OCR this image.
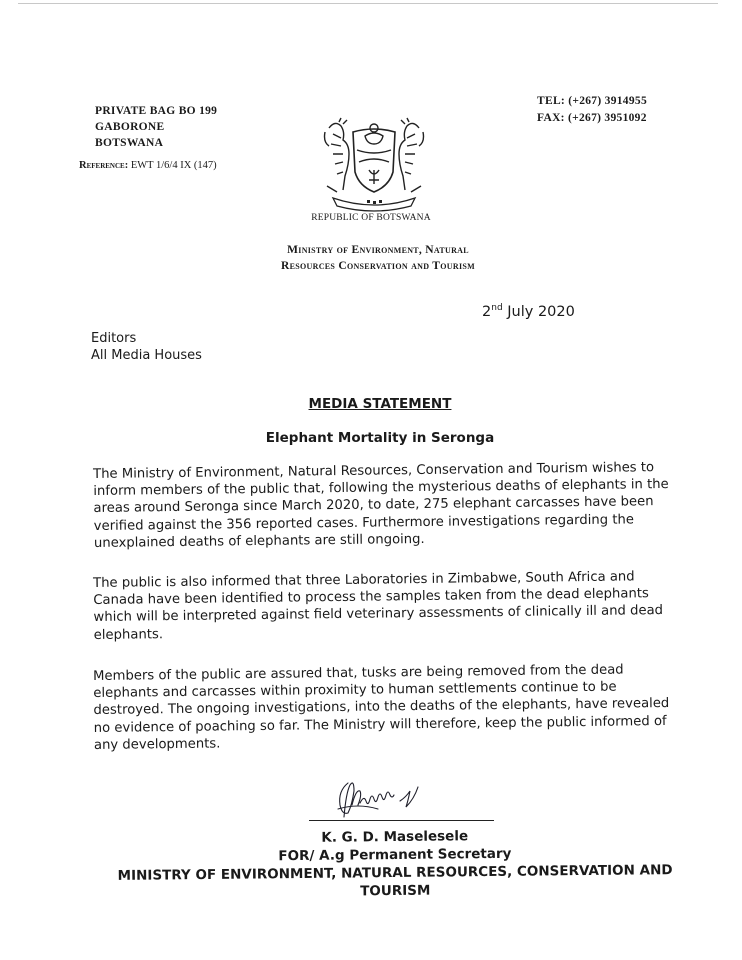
PRIVATE BAG BO 199
GABORONE
BOTSWANA
Reference: EWT 1/6/4 IX (147)
TEL: (+267) 3914955
FAX: (+267) 3951092
REPUBLIC OF BOTSWANA
Ministry of Environment, Natural
Resources Conservation and Tourism
2nd July 2020
Editors
All Media Houses
MEDIA STATEMENT
Elephant Mortality in Seronga
The Ministry of Environment, Natural Resources, Conservation and Tourism wishes to inform members of the public that, following the mysterious deaths of elephants in the areas around Seronga since March 2020, to date, 275 elephant carcasses have been verified against the 356 reported cases. Furthermore investigations regarding the unexplained deaths of elephants are still ongoing.
The public is also informed that three Laboratories in Zimbabwe, South Africa and Canada have been identified to process the samples taken from the dead elephants which will be interpreted against field veterinary assessments of clinically ill and dead elephants.
Members of the public are assured that, tusks are being removed from the dead elephants and carcasses within proximity to human settlements continue to be destroyed. The ongoing investigations, into the deaths of the elephants, have revealed no evidence of poaching so far. The Ministry will therefore, keep the public informed of any developments.
K. G. D. Maselesele
FOR/ A.g Permanent Secretary
MINISTRY OF ENVIRONMENT, NATURAL RESOURCES, CONSERVATION AND
TOURISM
